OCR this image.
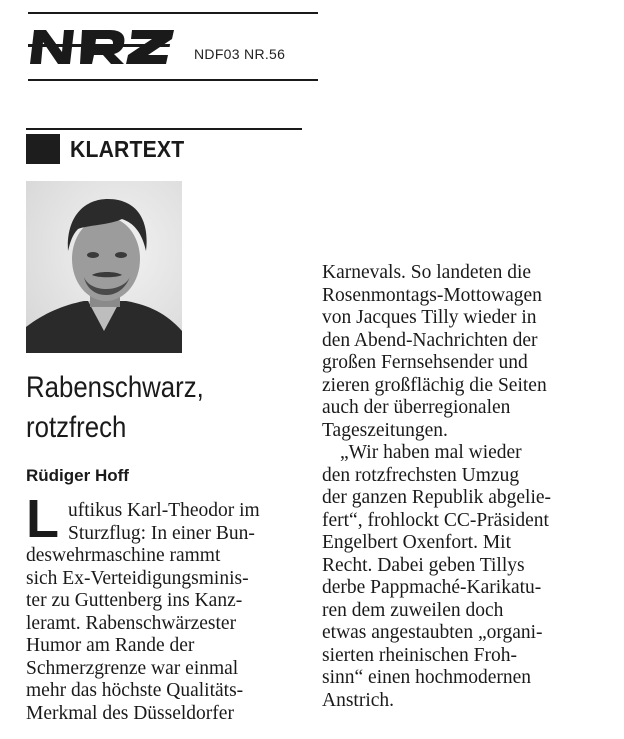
NDF03 NR.56
KLARTEXT
Rabenschwarz,
rotzfrech
Rüdiger Hoff
L uftikus Karl-Theodor im
Sturzflug: In einer Bun-
deswehrmaschine rammt
sich Ex-Verteidigungsminis-
ter zu Guttenberg ins Kanz-
leramt. Rabenschwärzester
Humor am Rande der
Schmerzgrenze war einmal
mehr das höchste Qualitäts-
Merkmal des Düsseldorfer
Karnevals. So landeten die
Rosenmontags-Mottowagen
von Jacques Tilly wieder in
den Abend-Nachrichten der
großen Fernsehsender und
zieren großflächig die Seiten
auch der überregionalen
Tageszeitungen.
„Wir haben mal wieder
den rotzfrechsten Umzug
der ganzen Republik abgelie-
fert“, frohlockt CC-Präsident
Engelbert Oxenfort. Mit
Recht. Dabei geben Tillys
derbe Pappmaché-Karikatu-
ren dem zuweilen doch
etwas angestaubten „organi-
sierten rheinischen Froh-
sinn“ einen hochmodernen
Anstrich.
